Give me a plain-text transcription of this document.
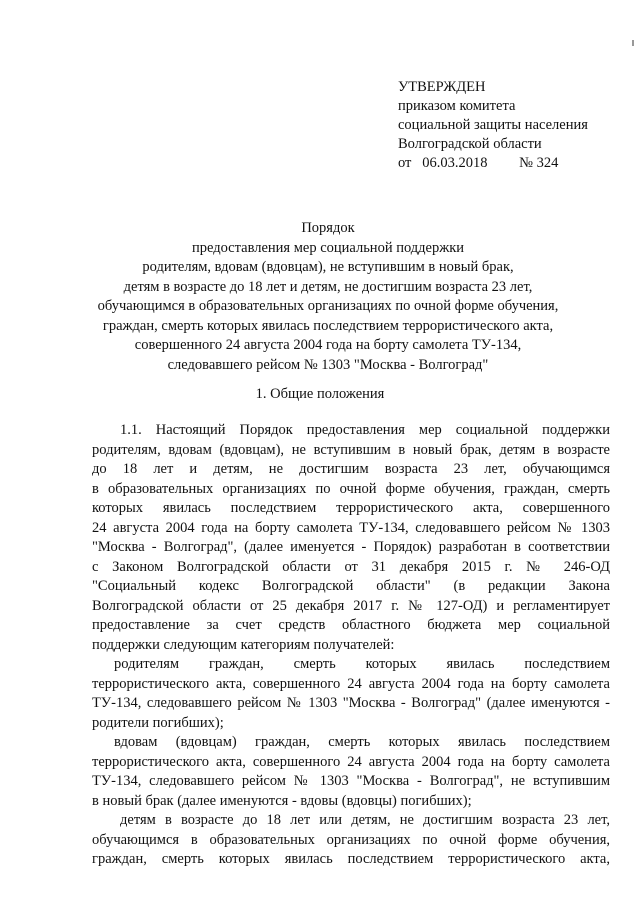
УТВЕРЖДЕН
приказом комитета
социальной защиты населения
Волгоградской области
от 06.03.2018 № 324
Порядок
предоставления мер социальной поддержки
родителям, вдовам (вдовцам), не вступившим в новый брак,
детям в возрасте до 18 лет и детям, не достигшим возраста 23 лет,
обучающимся в образовательных организациях по очной форме обучения,
граждан, смерть которых явилась последствием террористического акта,
совершенного 24 августа 2004 года на борту самолета ТУ-134,
следовавшего рейсом № 1303 "Москва - Волгоград"
1. Общие положения
1.1. Настоящий Порядок предоставления мер социальной поддержки
родителям, вдовам (вдовцам), не вступившим в новый брак, детям в возрасте
до 18 лет и детям, не достигшим возраста 23 лет, обучающимся
в образовательных организациях по очной форме обучения, граждан, смерть
которых явилась последствием террористического акта, совершенного
24 августа 2004 года на борту самолета ТУ-134, следовавшего рейсом № 1303
"Москва - Волгоград", (далее именуется - Порядок) разработан в соответствии
с Законом Волгоградской области от 31 декабря 2015 г. № 246-ОД
"Социальный кодекс Волгоградской области" (в редакции Закона
Волгоградской области от 25 декабря 2017 г. № 127-ОД) и регламентирует
предоставление за счет средств областного бюджета мер социальной
поддержки следующим категориям получателей:
родителям граждан, смерть которых явилась последствием
террористического акта, совершенного 24 августа 2004 года на борту самолета
ТУ-134, следовавшего рейсом № 1303 "Москва - Волгоград" (далее именуются -
родители погибших);
вдовам (вдовцам) граждан, смерть которых явилась последствием
террористического акта, совершенного 24 августа 2004 года на борту самолета
ТУ-134, следовавшего рейсом № 1303 "Москва - Волгоград", не вступившим
в новый брак (далее именуются - вдовы (вдовцы) погибших);
детям в возрасте до 18 лет или детям, не достигшим возраста 23 лет,
обучающимся в образовательных организациях по очной форме обучения,
граждан, смерть которых явилась последствием террористического акта,
